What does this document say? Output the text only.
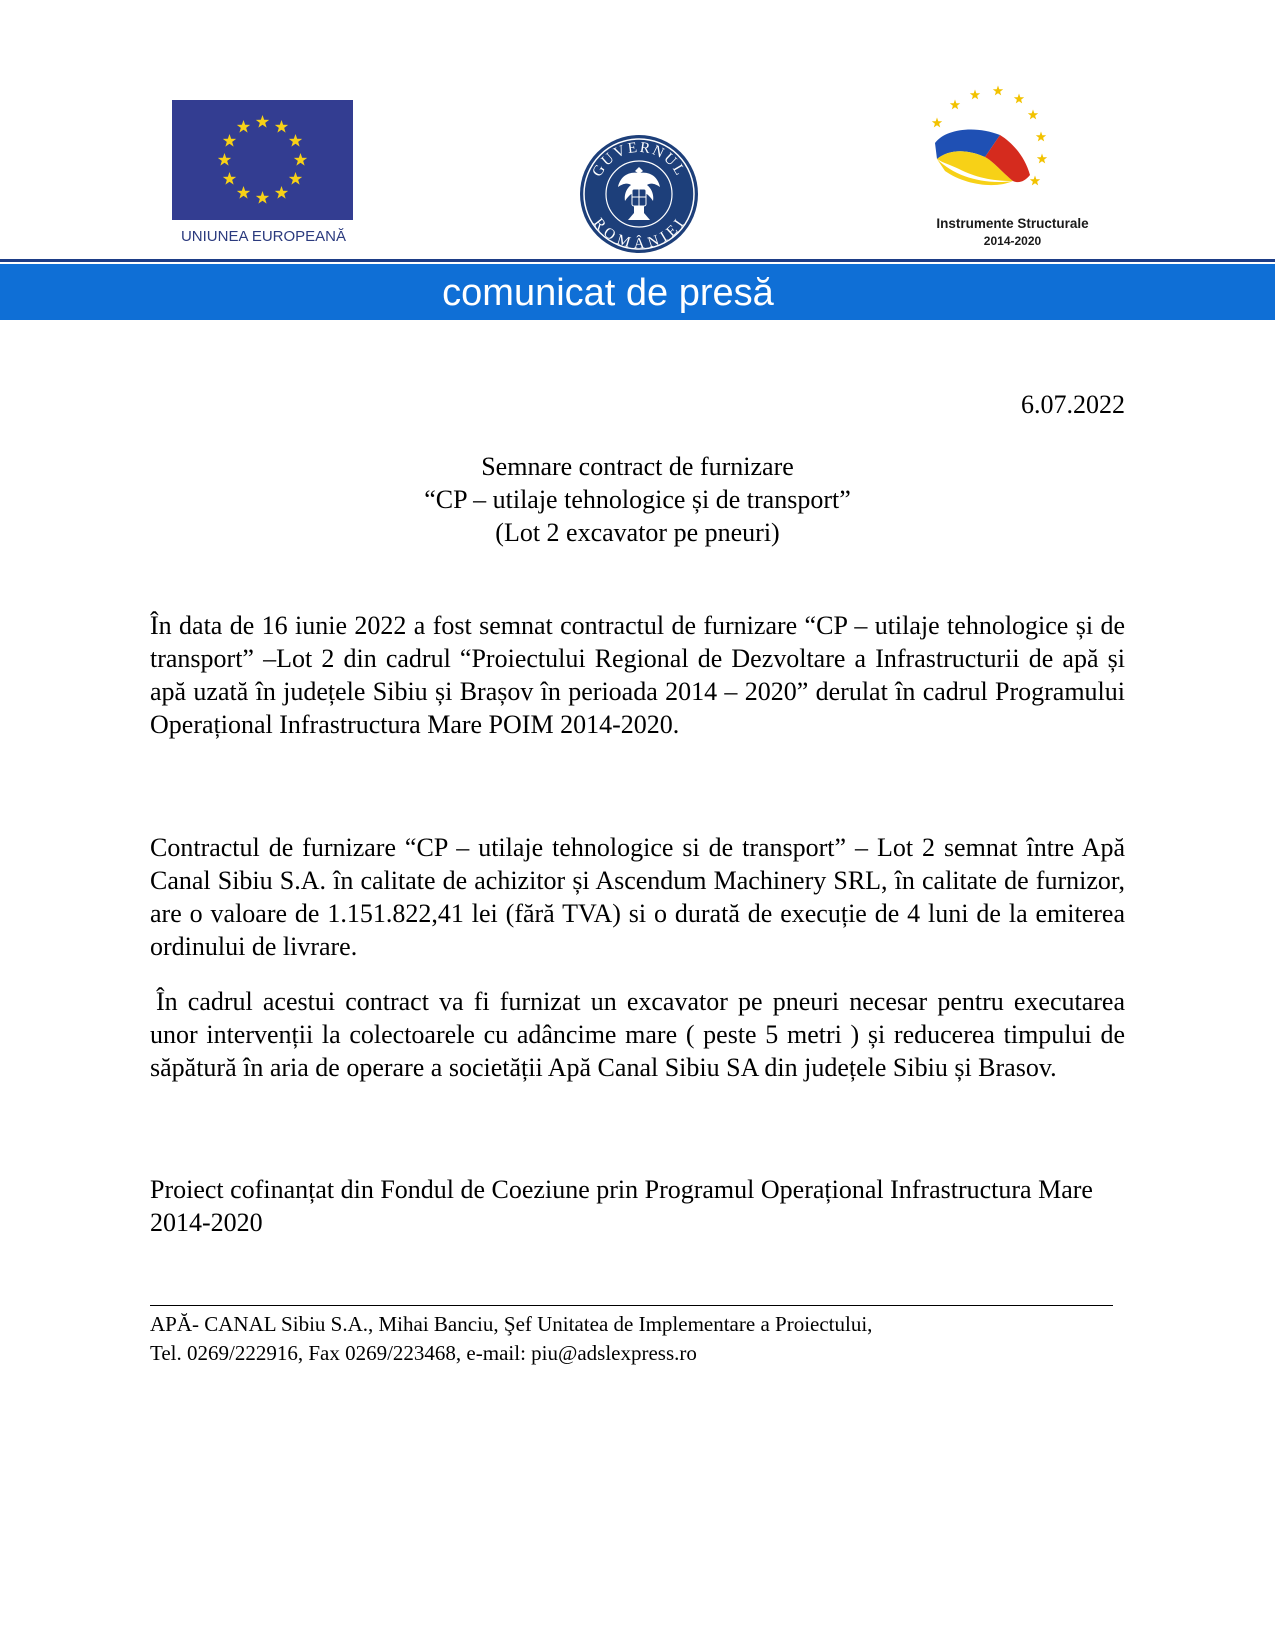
UNIUNEA EUROPEANĂ
GUVERNUL
ROMÂNIEI	Instrumente Structurale
2014-2020
comunicat de presă
6.07.2022
Semnare contract de furnizare
“CP – utilaje tehnologice și de transport”
(Lot 2 excavator pe pneuri)
În data de 16 iunie 2022 a fost semnat contractul de furnizare “CP – utilaje tehnologice și de transport” –Lot 2 din cadrul “Proiectului Regional de Dezvoltare a Infrastructurii de apă și apă uzată în județele Sibiu și Brașov în perioada 2014 – 2020” derulat în cadrul Programului Operațional Infrastructura Mare POIM 2014-2020.
Contractul de furnizare “CP – utilaje tehnologice si de transport” – Lot 2 semnat între Apă Canal Sibiu S.A. în calitate de achizitor și Ascendum Machinery SRL, în calitate de furnizor, are o valoare de 1.151.822,41 lei (fără TVA) si o durată de execuție de 4 luni de la emiterea ordinului de livrare.
În cadrul acestui contract va fi furnizat un excavator pe pneuri necesar pentru executarea unor intervenții la colectoarele cu adâncime mare ( peste 5 metri ) și reducerea timpului de săpătură în aria de operare a societății Apă Canal Sibiu SA din județele Sibiu și Brasov.
Proiect cofinanțat din Fondul de Coeziune prin Programul Operațional Infrastructura Mare 2014-2020
APĂ- CANAL Sibiu S.A., Mihai Banciu, Şef Unitatea de Implementare a Proiectului,
Tel. 0269/222916, Fax 0269/223468, e-mail: piu@adslexpress.ro
